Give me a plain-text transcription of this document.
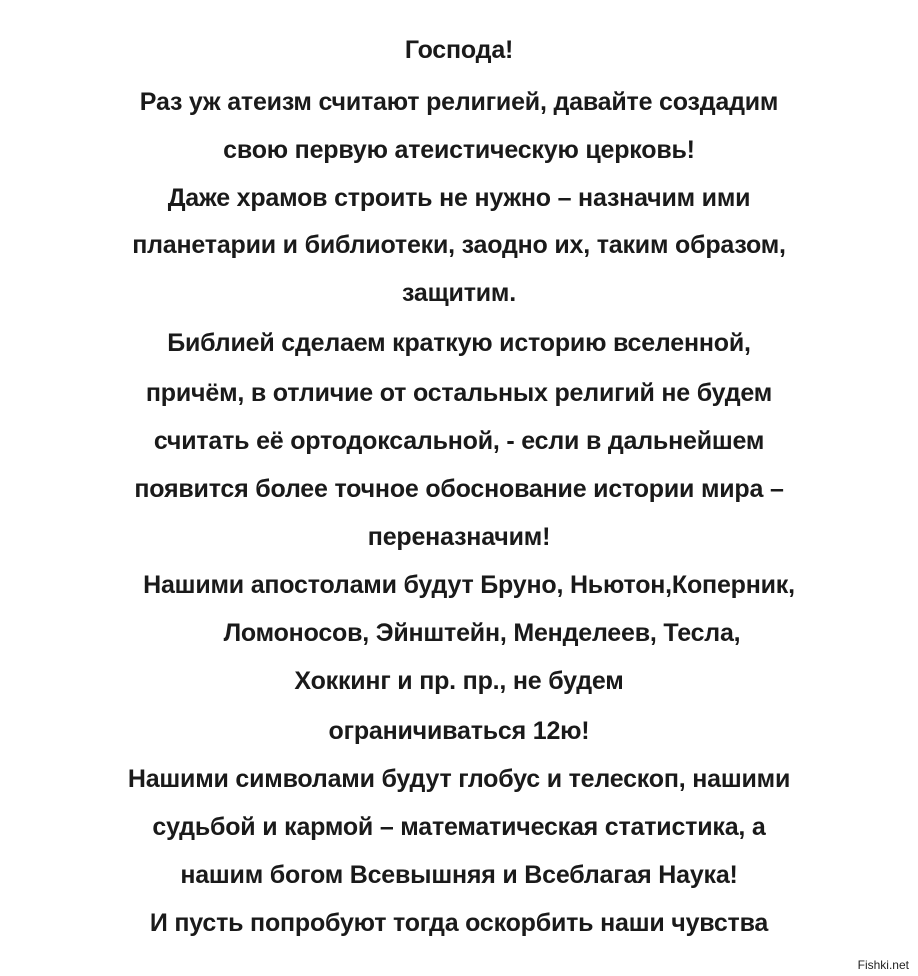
Господа!
Раз уж атеизм считают религией, давайте создадим
свою первую атеистическую церковь!
Даже храмов строить не нужно – назначим ими
планетарии и библиотеки, заодно их, таким образом,
защитим.
Библией сделаем краткую историю вселенной,
причём, в отличие от остальных религий не будем
считать её ортодоксальной, - если в дальнейшем
появится более точное обоснование истории мира –
переназначим!
Нашими апостолами будут Бруно, Ньютон,Коперник,
Ломоносов, Эйнштейн, Менделеев, Тесла,
Хоккинг и пр. пр., не будем
ограничиваться 12ю!
Нашими символами будут глобус и телескоп, нашими
судьбой и кармой – математическая статистика, а
нашим богом Всевышняя и Всеблагая Наука!
И пусть попробуют тогда оскорбить наши чувства
Fishki.net
